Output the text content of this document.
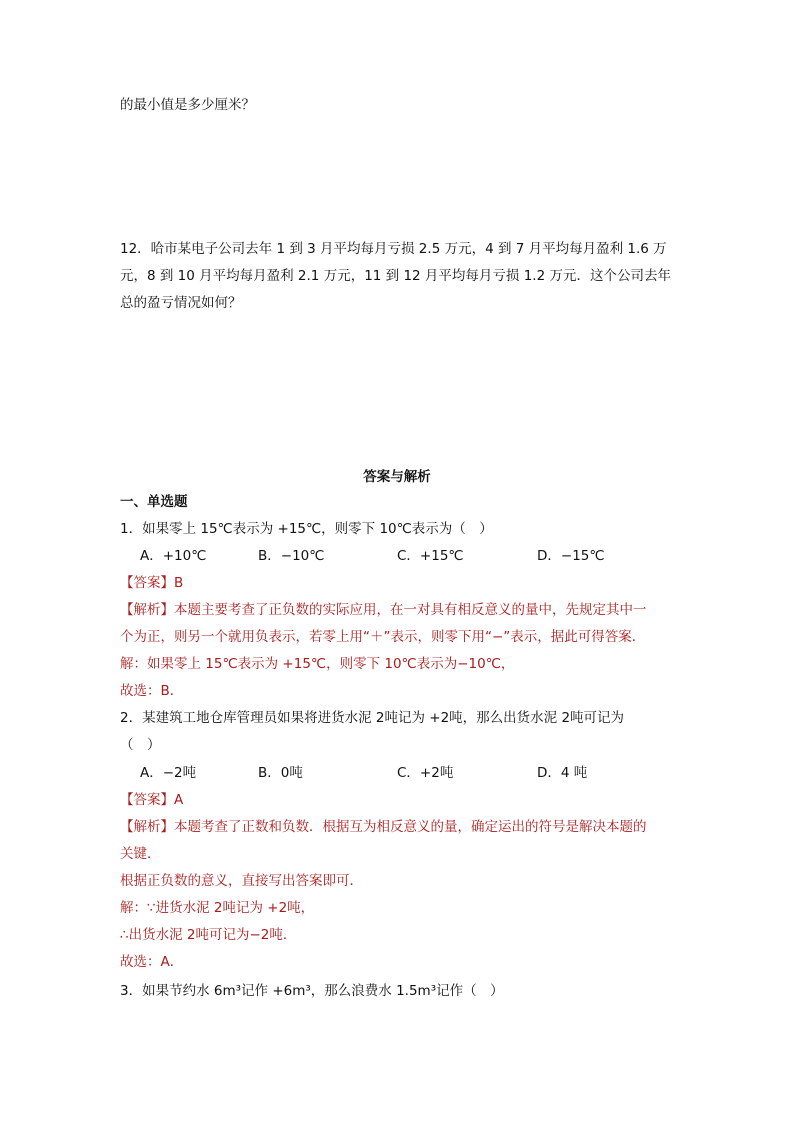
的最小值是多少厘米？
12．哈市某电子公司去年 1 到 3 月平均每月亏损 2.5 万元，4 到 7 月平均每月盈利 1.6 万
元，8 到 10 月平均每月盈利 2.1 万元，11 到 12 月平均每月亏损 1.2 万元．这个公司去年
总的盈亏情况如何？
答案与解析
一、单选题
1．如果零上 15℃表示为 +15℃，则零下 10℃表示为（　）
A．+10℃	B．−10℃	C．+15℃	D．−15℃
【答案】B
【解析】本题主要考查了正负数的实际应用，在一对具有相反意义的量中，先规定其中一
个为正，则另一个就用负表示，若零上用“＋”表示，则零下用“−”表示，据此可得答案．
解：如果零上 15℃表示为 +15℃，则零下 10℃表示为−10℃，
故选：B．
2．某建筑工地仓库管理员如果将进货水泥 2吨记为 +2吨，那么出货水泥 2吨可记为
（　）
A．−2吨	B．0吨	C．+2吨	D．4 吨
【答案】A
【解析】本题考查了正数和负数．根据互为相反意义的量，确定运出的符号是解决本题的
关键．
根据正负数的意义，直接写出答案即可．
解：∵进货水泥 2吨记为 +2吨，
∴出货水泥 2吨可记为−2吨．
故选：A．
3．如果节约水 6m³记作 +6m³，那么浪费水 1.5m³记作（　）
